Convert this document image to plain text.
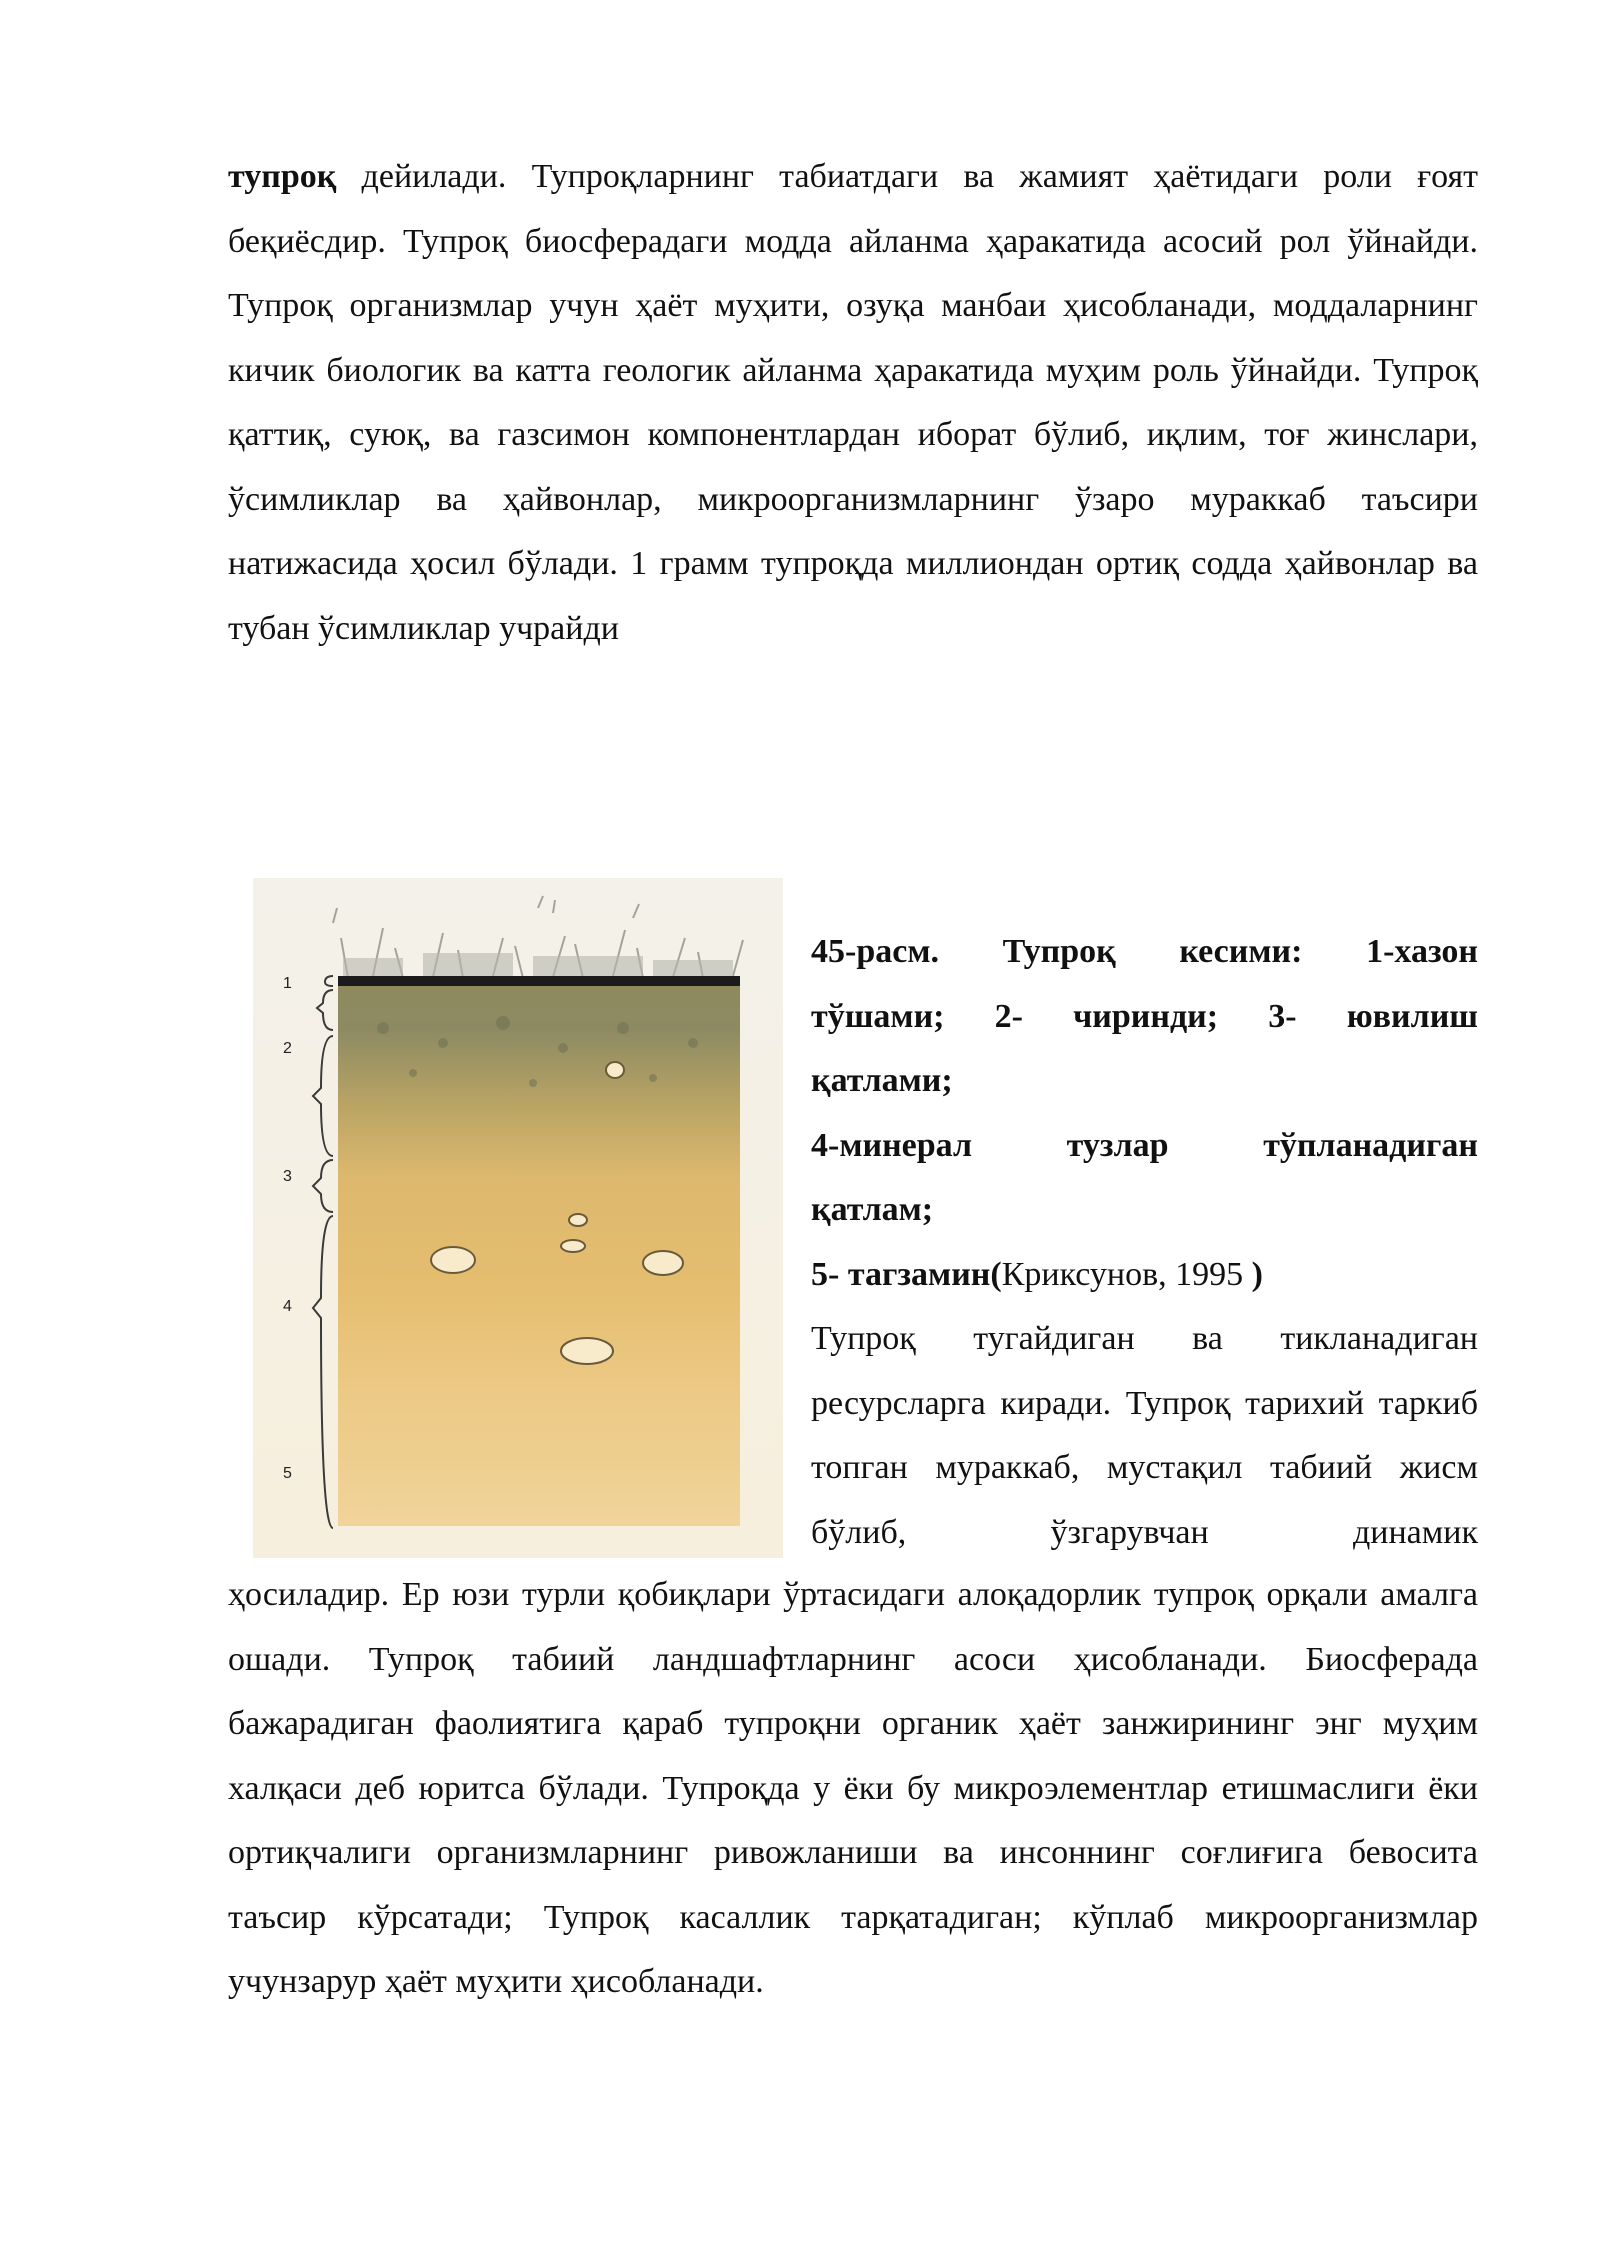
тупроқ дейилади. Тупроқларнинг табиатдаги ва жамият ҳаётидаги роли ғоят беқиёсдир. Тупроқ биосферадаги модда айланма ҳаракатида асосий рол ўйнайди. Тупроқ организмлар учун ҳаёт муҳити, озуқа манбаи ҳисобланади, моддаларнинг кичик биологик ва катта геологик айланма ҳаракатида муҳим роль ўйнайди. Тупроқ қаттиқ, суюқ, ва газсимон компонентлардан иборат бўлиб, иқлим, тоғ жинслари, ўсимликлар ва ҳайвонлар, микроорганизмларнинг ўзаро мураккаб таъсири натижасида ҳосил бўлади. 1 грамм тупроқда миллиондан ортиқ содда ҳайвонлар ва тубан ўсимликлар учрайди

1
2
3
4
5

45-расм. Тупроқ кесими: 1-хазон

тўшами; 2- чиринди; 3- ювилиш

қатлами;

4-минерал тузлар тўпланадиган

қатлам;

5- тагзамин(Криксунов, 1995 )

Тупроқ тугайдиган ва тикланадиган ресурсларга киради. Тупроқ тарихий таркиб топган мураккаб, мустақил табиий жисм бўлиб, ўзгарувчан динамик

ҳосиладир. Ер юзи турли қобиқлари ўртасидаги алоқадорлик тупроқ орқали амалга ошади. Тупроқ табиий ландшафтларнинг асоси ҳисобланади. Биосферада бажарадиган фаолиятига қараб тупроқни органик ҳаёт занжирининг энг муҳим халқаси деб юритса бўлади. Тупроқда у ёки бу микроэлементлар етишмаслиги ёки ортиқчалиги организмларнинг ривожланиши ва инсоннинг соғлиғига бевосита таъсир кўрсатади; Тупроқ касаллик тарқатадиган; кўплаб микроорганизмлар учунзарур ҳаёт муҳити ҳисобланади.
